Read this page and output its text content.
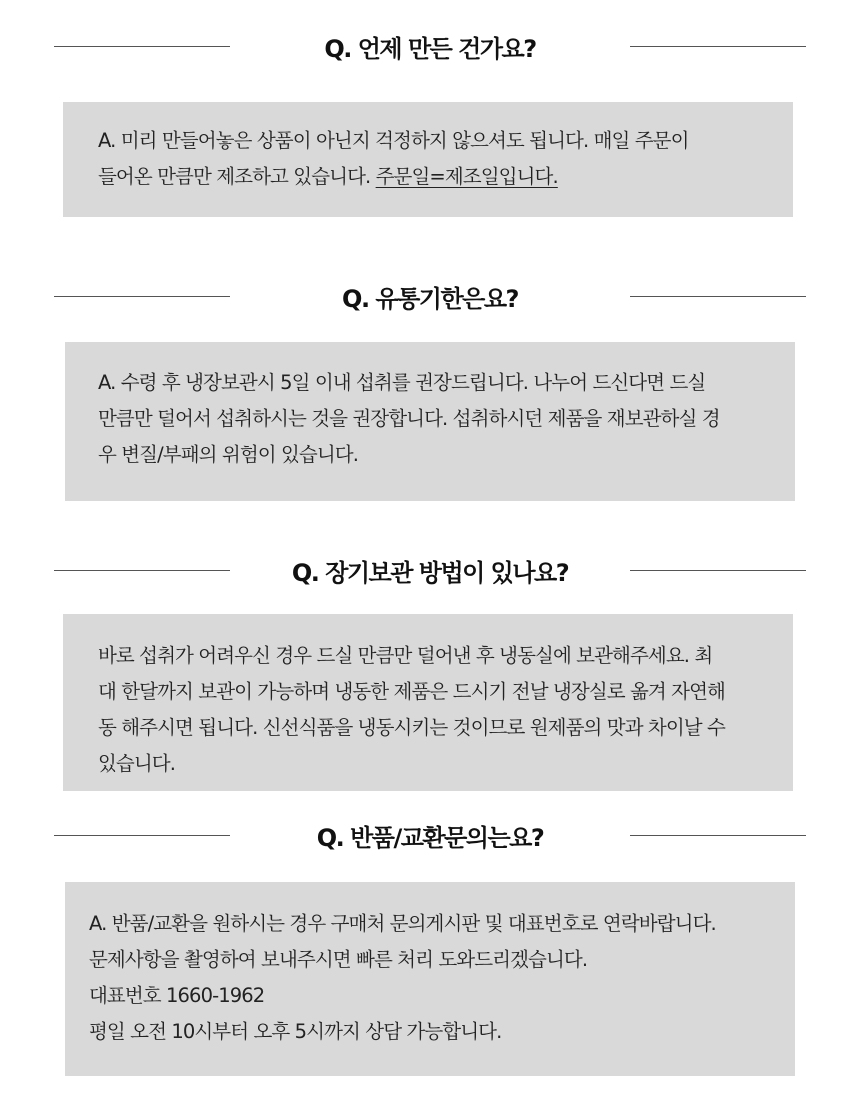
Q. 언제 만든 건가요?

A. 미리 만들어놓은 상품이 아닌지 걱정하지 않으셔도 됩니다. 매일 주문이

들어온 만큼만 제조하고 있습니다. 주문일=제조일입니다.

Q. 유통기한은요?

A. 수령 후 냉장보관시 5일 이내 섭취를 권장드립니다. 나누어 드신다면 드실

만큼만 덜어서 섭취하시는 것을 권장합니다. 섭취하시던 제품을 재보관하실 경

우 변질/부패의 위험이 있습니다.

Q. 장기보관 방법이 있나요?

바로 섭취가 어려우신 경우 드실 만큼만 덜어낸 후 냉동실에 보관해주세요. 최

대 한달까지 보관이 가능하며 냉동한 제품은 드시기 전날 냉장실로 옮겨 자연해

동 해주시면 됩니다. 신선식품을 냉동시키는 것이므로 원제품의 맛과 차이날 수

있습니다.

Q. 반품/교환문의는요?

A. 반품/교환을 원하시는 경우 구매처 문의게시판 및 대표번호로 연락바랍니다.

문제사항을 촬영하여 보내주시면 빠른 처리 도와드리겠습니다.

대표번호 1660-1962

평일 오전 10시부터 오후 5시까지 상담 가능합니다.
